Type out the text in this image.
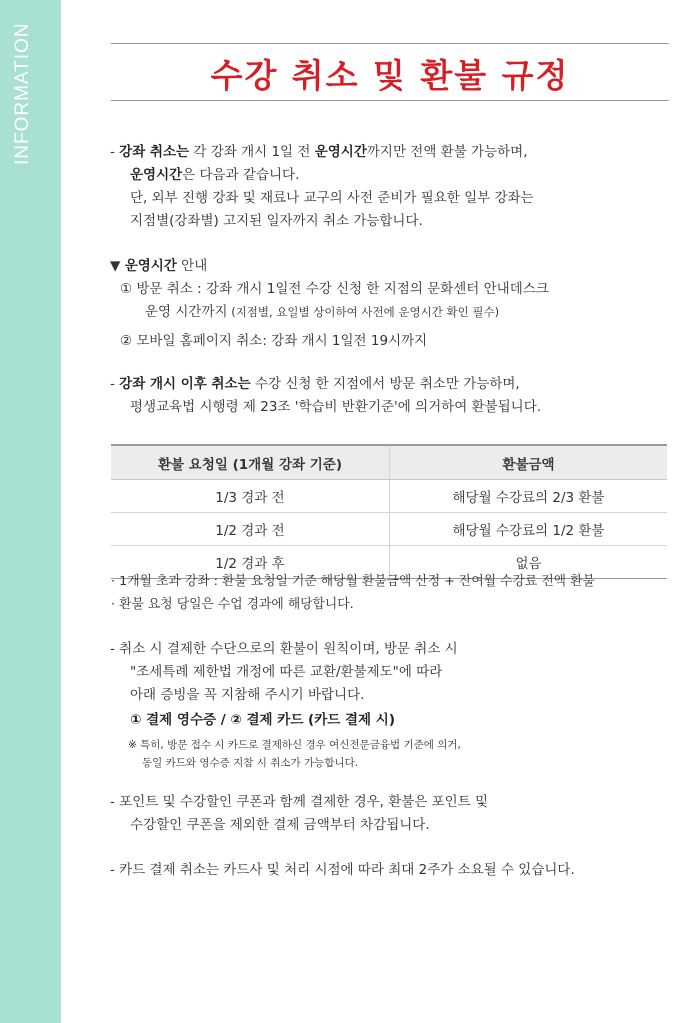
INFORMATION	수강 취소 및 환불 규정
- 강좌 취소는 각 강좌 개시 1일 전 운영시간까지만 전액 환불 가능하며,
운영시간은 다음과 같습니다.
단, 외부 진행 강좌 및 재료나 교구의 사전 준비가 필요한 일부 강좌는
지점별(강좌별) 고지된 일자까지 취소 가능합니다.
▼ 운영시간 안내
① 방문 취소 : 강좌 개시 1일전 수강 신청 한 지점의 문화센터 안내데스크
운영 시간까지 (지점별, 요일별 상이하여 사전에 운영시간 확인 필수)
② 모바일 홈페이지 취소: 강좌 개시 1일전 19시까지
- 강좌 개시 이후 취소는 수강 신청 한 지점에서 방문 취소만 가능하며,
평생교육법 시행령 제 23조 '학습비 반환기준'에 의거하여 환불됩니다.
환불 요청일 (1개월 강좌 기준)	환불금액
1/3 경과 전	해당월 수강료의 2/3 환불
1/2 경과 전	해당월 수강료의 1/2 환불
1/2 경과 후	없음
· 1개월 초과 강좌 : 환불 요청일 기준 해당월 환불금액 산정 + 잔여월 수강료 전액 환불
· 환불 요청 당일은 수업 경과에 해당합니다.
- 취소 시 결제한 수단으로의 환불이 원칙이며, 방문 취소 시
"조세특례 제한법 개정에 따른 교환/환불제도"에 따라
아래 증빙을 꼭 지참해 주시기 바랍니다.
① 결제 영수증 / ② 결제 카드 (카드 결제 시)
※ 특히, 방문 접수 시 카드로 결제하신 경우 여신전문금융법 기준에 의거,
동일 카드와 영수증 지참 시 취소가 가능합니다.
- 포인트 및 수강할인 쿠폰과 함께 결제한 경우, 환불은 포인트 및
수강할인 쿠폰을 제외한 결제 금액부터 차감됩니다.
- 카드 결제 취소는 카드사 및 처리 시점에 따라 최대 2주가 소요될 수 있습니다.
